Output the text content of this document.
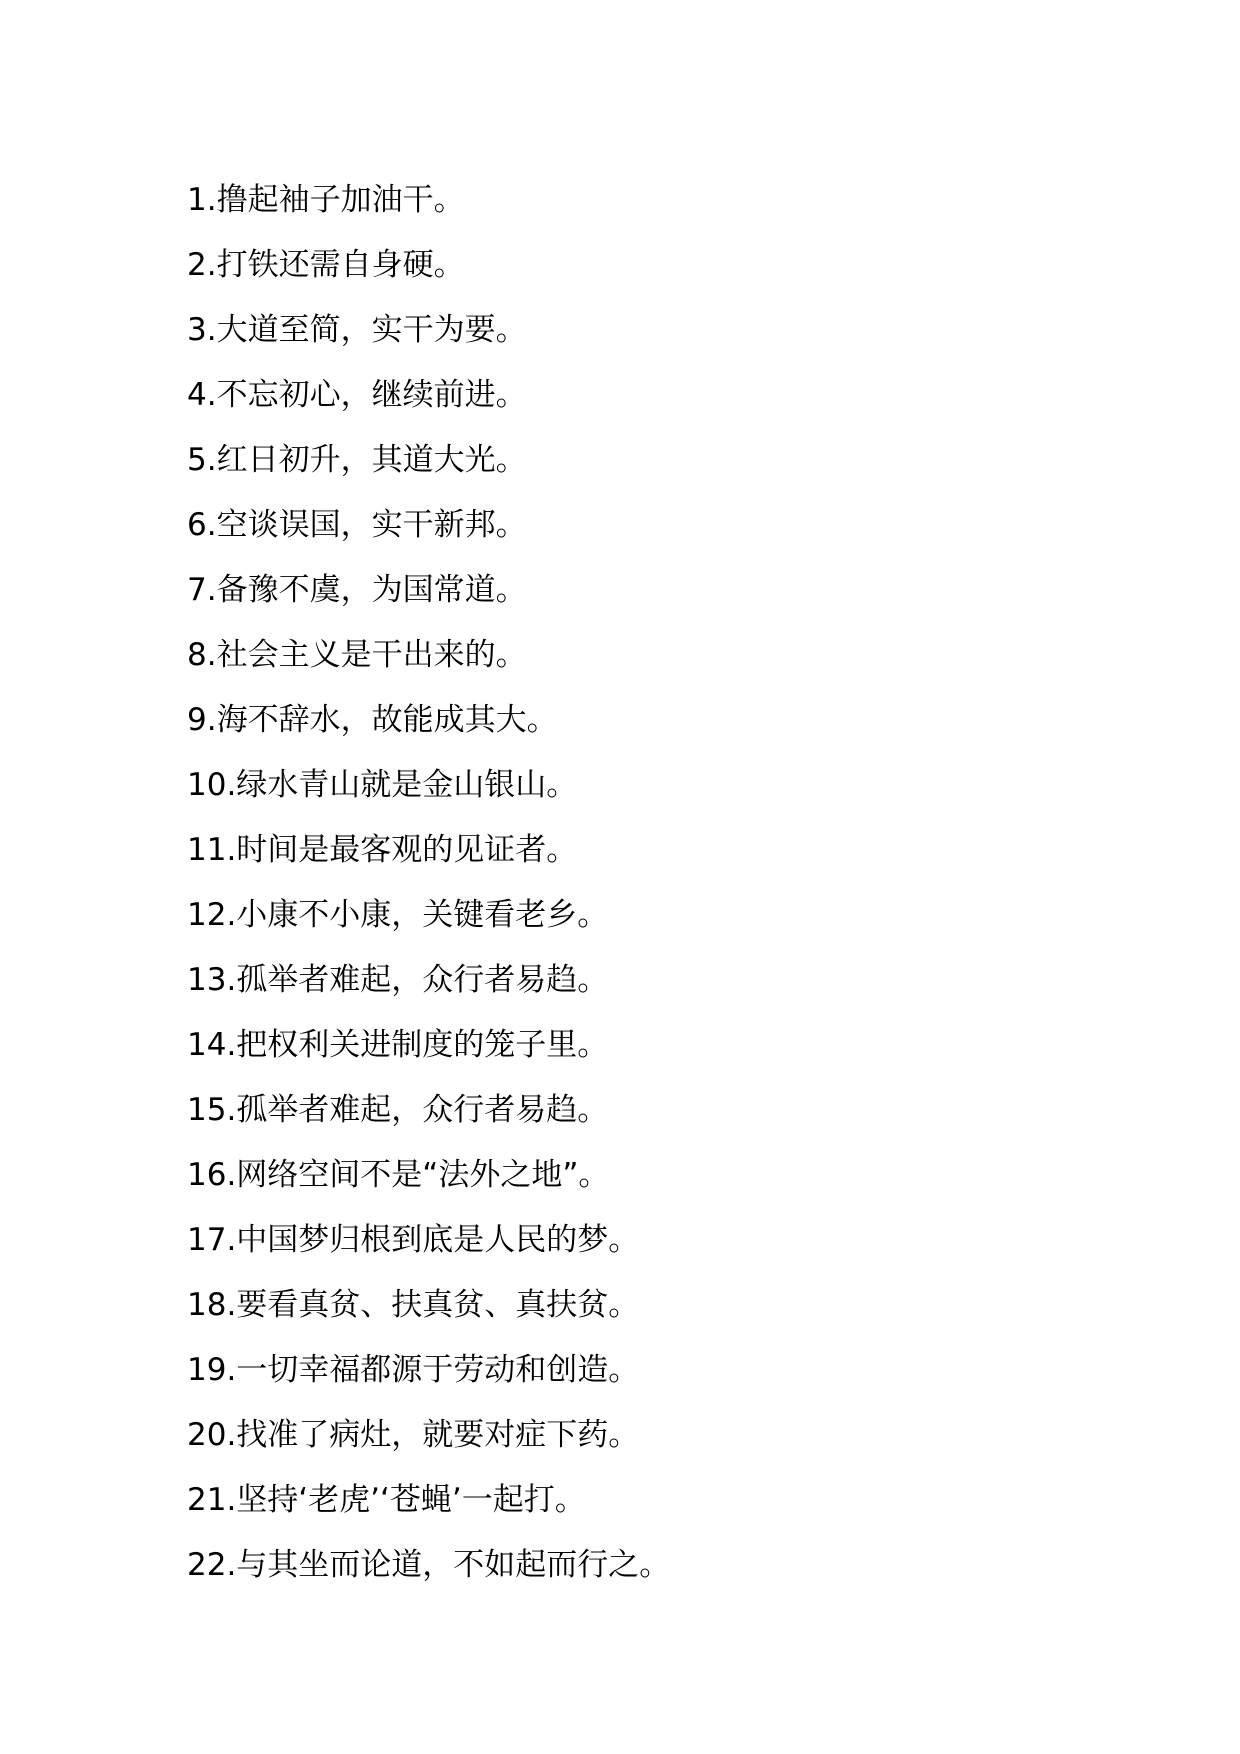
1.撸起袖子加油干。
2.打铁还需自身硬。
3.大道至简，实干为要。
4.不忘初心，继续前进。
5.红日初升，其道大光。
6.空谈误国，实干新邦。
7.备豫不虞，为国常道。
8.社会主义是干出来的。
9.海不辞水，故能成其大。
10.绿水青山就是金山银山。
11.时间是最客观的见证者。
12.小康不小康，关键看老乡。
13.孤举者难起，众行者易趋。
14.把权利关进制度的笼子里。
15.孤举者难起，众行者易趋。
16.网络空间不是“法外之地”。
17.中国梦归根到底是人民的梦。
18.要看真贫、扶真贫、真扶贫。
19.一切幸福都源于劳动和创造。
20.找准了病灶，就要对症下药。
21.坚持‘老虎’‘苍蝇’一起打。
22.与其坐而论道，不如起而行之。
